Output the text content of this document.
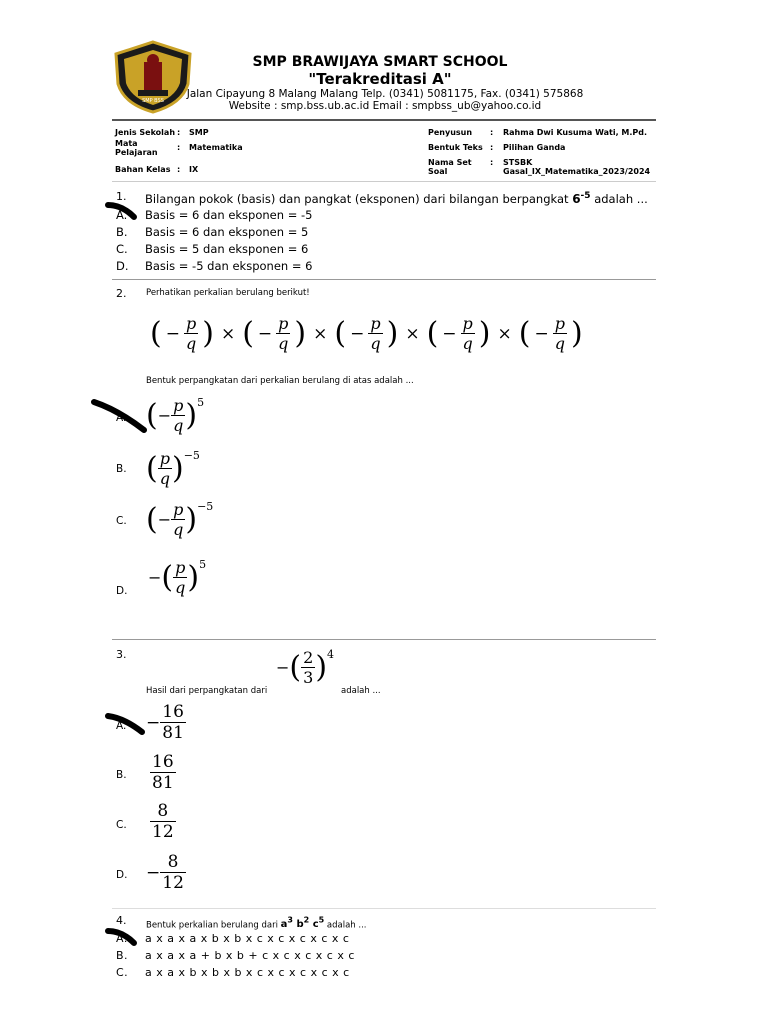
SMP BSS
SMP BRAWIJAYA SMART SCHOOL
"Terakreditasi A"
Jalan Cipayung 8 Malang Malang Telp. (0341) 5081175, Fax. (0341) 575868
Website : smp.bss.ub.ac.id Email : smpbss_ub@yahoo.co.id
Jenis Sekolah : SMP
Mata Pelajaran
: Matematika
Bahan Kelas : IX
Penyusun : Rahma Dwi Kusuma Wati, M.Pd.
Bentuk Teks : Pilihan Ganda
Nama Set Soal
: STSBK Gasal_IX_Matematika_2023/2024
1. Bilangan pokok (basis) dan pangkat (eksponen) dari bilangan berpangkat $6^{-5}$ adalah ...
A. Basis = 6 dan eksponen = -5
B. Basis = 6 dan eksponen = 5
C. Basis = 5 dan eksponen = 6
D. Basis = -5 dan eksponen = 6
2. Perhatikan perkalian berulang berikut!
( − $\frac{p}{q}$ ) × ( − $\frac{p}{q}$ ) × ( − $\frac{p}{q}$ ) × ( − $\frac{p}{q}$ ) × ( − $\frac{p}{q}$ )
Bentuk perpangkatan dari perkalian berulang di atas adalah ...
A. ( − $\frac{p}{q} )^5$
B. ( $\frac{p}{q} )^{-5}$
C. ( − $\frac{p}{q} )^{-5}$
D.
− ( $\frac{p}{q} )^5$
3.
− ( $\frac{2}{3} )^4$
Hasil dari perpangkatan dari	adalah ...
A. − $\frac{16}{81}$
B. $\frac{16}{81}$
C. $\frac{8}{12}$
D. − $\frac{8}{12}$
4. Bentuk perkalian berulang dari $a^3$ $b^2$ $c^5$ adalah ...
A. a x a x a x b x b x c x c x c x c x c
B. a x a x a + b x b + c x c x c x c x c
C. a x a x b x b x b x c x c x c x c x c
